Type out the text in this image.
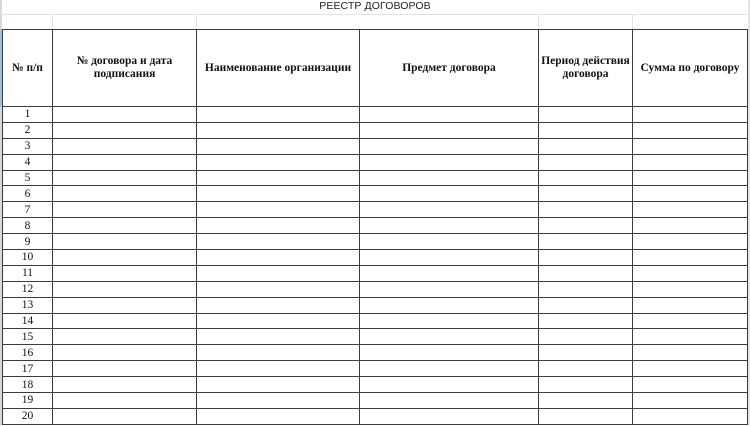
РЕЕСТР ДОГОВОРОВ
№ п/п	№ договора и дата подписания	Наименование организации	Предмет договора	Период действия договора	Сумма по договору
1					
2					
3					
4					
5					
6					
7					
8					
9					
10					
11					
12					
13					
14					
15					
16					
17					
18					
19					
20					
